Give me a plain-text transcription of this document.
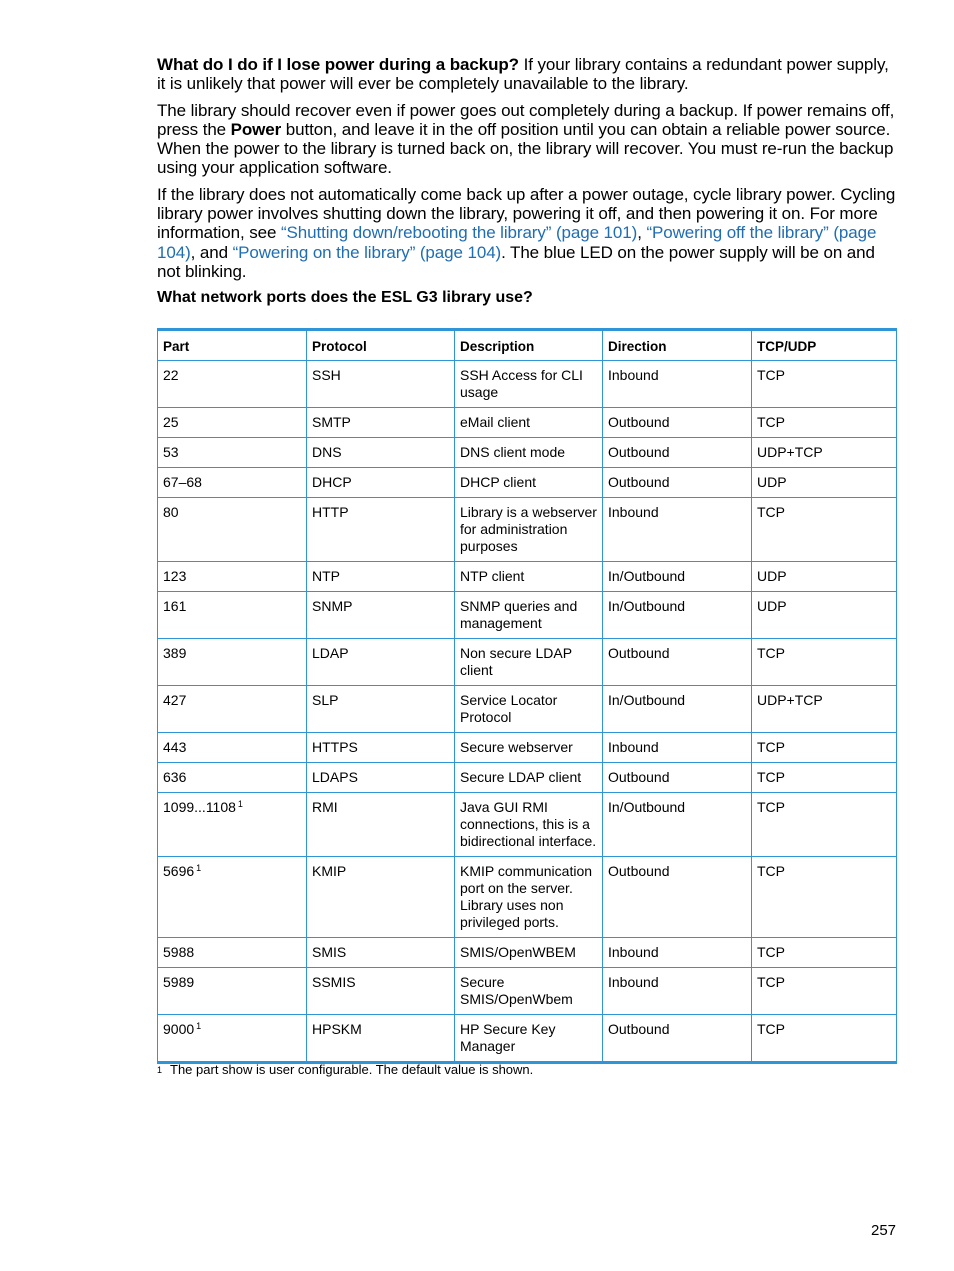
What do I do if I lose power during a backup? If your library contains a redundant power supply, it is unlikely that power will ever be completely unavailable to the library.

The library should recover even if power goes out completely during a backup. If power remains off, press the Power button, and leave it in the off position until you can obtain a reliable power source. When the power to the library is turned back on, the library will recover. You must re-run the backup using your application software.

If the library does not automatically come back up after a power outage, cycle library power. Cycling library power involves shutting down the library, powering it off, and then powering it on. For more information, see “Shutting down/rebooting the library” (page 101), “Powering off the library” (page 104), and “Powering on the library” (page 104). The blue LED on the power supply will be on and not blinking.

What network ports does the ESL G3 library use?
Part	Protocol	Description	Direction	TCP/UDP
22	SSH	SSH Access for CLI usage	Inbound	TCP
25	SMTP	eMail client	Outbound	TCP
53	DNS	DNS client mode	Outbound	UDP+TCP
67–68	DHCP	DHCP client	Outbound	UDP
80	HTTP	Library is a webserver for administration purposes	Inbound	TCP
123	NTP	NTP client	In/Outbound	UDP
161	SNMP	SNMP queries and management	In/Outbound	UDP
389	LDAP	Non secure LDAP client	Outbound	TCP
427	SLP	Service Locator Protocol	In/Outbound	UDP+TCP
443	HTTPS	Secure webserver	Inbound	TCP
636	LDAPS	Secure LDAP client	Outbound	TCP
1099...1108 $^1$	RMI	Java GUI RMI connections, this is a bidirectional interface.	In/Outbound	TCP
5696 $^1$	KMIP	KMIP communication port on the server. Library uses non privileged ports.	Outbound	TCP
5988	SMIS	SMIS/OpenWBEM	Inbound	TCP
5989	SSMIS	Secure SMIS/OpenWbem	Inbound	TCP
9000 $^1$	HPSKM	HP Secure Key Manager	Outbound	TCP
$^1$ The part show is user configurable. The default value is shown.
257
